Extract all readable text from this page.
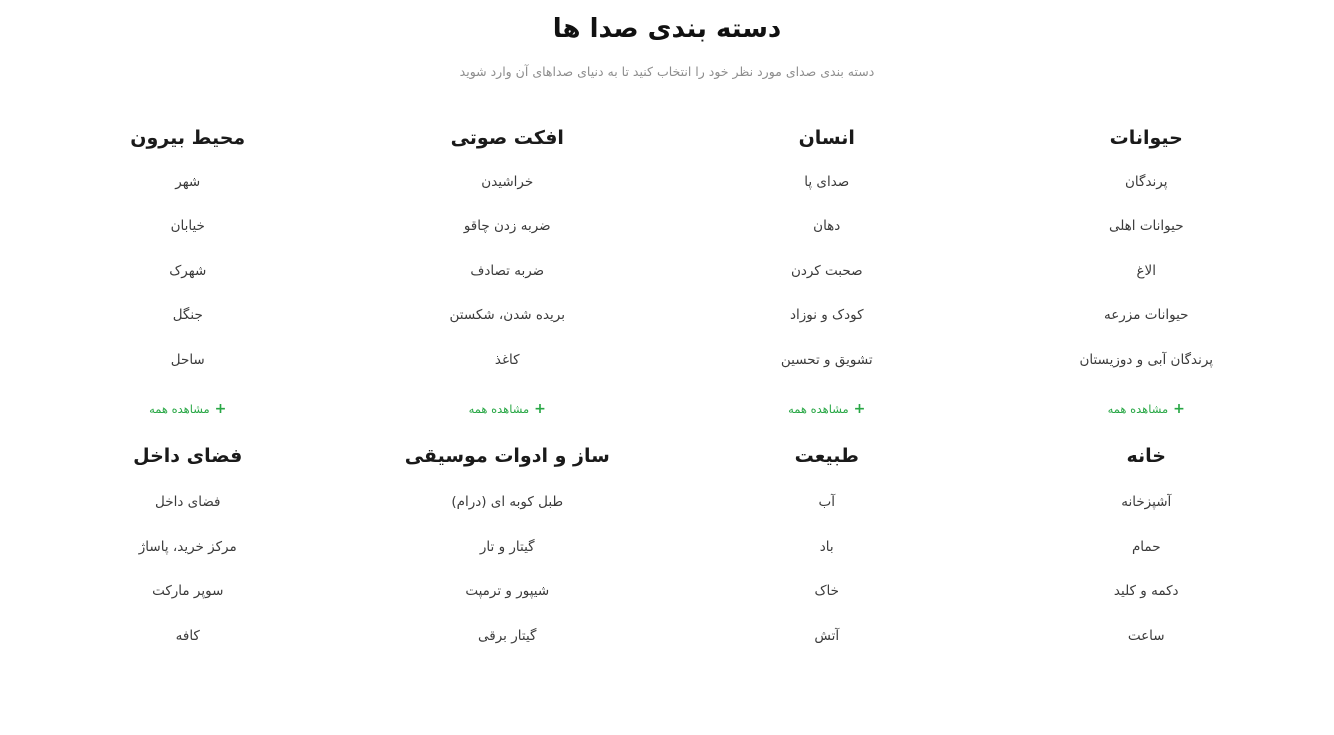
دسته بندی صدا ها

دسته بندی صدای مورد نظر خود را انتخاب کنید تا به دنیای صداهای آن وارد شوید

حیوانات
پرندگان
حیوانات اهلی
الاغ
حیوانات مزرعه
پرندگان آبی و دوزیستان
+
مشاهده همه
انسان
صدای پا
دهان
صحبت کردن
کودک و نوزاد
تشویق و تحسین
+
مشاهده همه
افکت صوتی
خراشیدن
ضربه زدن چاقو
ضربه تصادف
بریده شدن، شکستن
کاغذ
+
مشاهده همه
محیط بیرون
شهر
خیابان
شهرک
جنگل
ساحل
+
مشاهده همه
خانه
آشپزخانه
حمام
دکمه و کلید
ساعت
طبیعت
آب
باد
خاک
آتش
ساز و ادوات موسیقی
طبل کوبه ای (درام)
گیتار و تار
شیپور و ترمپت
گیتار برقی
فضای داخل
فضای داخل
مرکز خرید، پاساژ
سوپر مارکت
کافه
